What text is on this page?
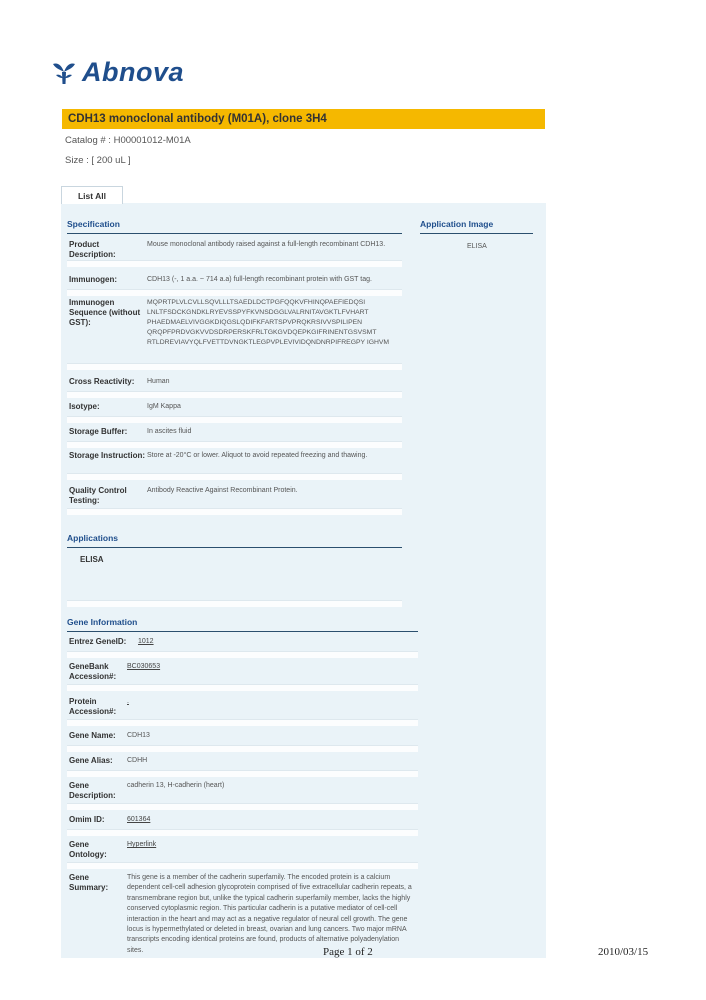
Abnova
CDH13 monoclonal antibody (M01A), clone 3H4
Catalog # : H00001012-M01A
Size : [ 200 uL ]
List All
Specification	Application Image
ELISA
Product Description:
Mouse monoclonal antibody raised against a full-length recombinant CDH13.
Immunogen:	CDH13 (-, 1 a.a. ~ 714 a.a) full-length recombinant protein with GST tag.
Immunogen Sequence (without GST):
MQPRTPLVLCVLLSQVLLLTSAEDLDCTPGFQQKVFHINQPAEFIEDQSI LNLTFSDCKGNDKLRYEVSSPYFKVNSDGGLVALRNITAVGKTLFVHART PHAEDMAELVIVGGKDIQGSLQDIFKFARTSPVPRQKRSIVVSPILIPEN QRQPFPRDVGKVVDSDRPERSKFRLTGKGVDQEPKGIFRINENTGSVSMT RTLDREVIAVYQLFVETTDVNGKTLEGPVPLEVIVIDQNDNRPIFREGPY IGHVM
Cross Reactivity:	Human
Isotype:	IgM Kappa
Storage Buffer:	In ascites fluid
Storage Instruction: Store at -20°C or lower. Aliquot to avoid repeated freezing and thawing.
Quality Control Testing:
Antibody Reactive Against Recombinant Protein.
Applications
ELISA
Gene Information
Entrez GeneID:	1012
GeneBank Accession#:
BC030653
Protein Accession#:
.
Gene Name:	CDH13
Gene Alias:	CDHH
Gene Description:
cadherin 13, H-cadherin (heart)
Omim ID:	601364
Gene Ontology:
Hyperlink
Gene Summary:
This gene is a member of the cadherin superfamily. The encoded protein is a calcium dependent cell-cell adhesion glycoprotein comprised of five extracellular cadherin repeats, a transmembrane region but, unlike the typical cadherin superfamily member, lacks the highly conserved cytoplasmic region. This particular cadherin is a putative mediator of cell-cell interaction in the heart and may act as a negative regulator of neural cell growth. The gene locus is hypermethylated or deleted in breast, ovarian and lung cancers. Two major mRNA transcripts encoding identical proteins are found, products of alternative polyadenylation sites.	Page 1 of 2	2010/03/15
